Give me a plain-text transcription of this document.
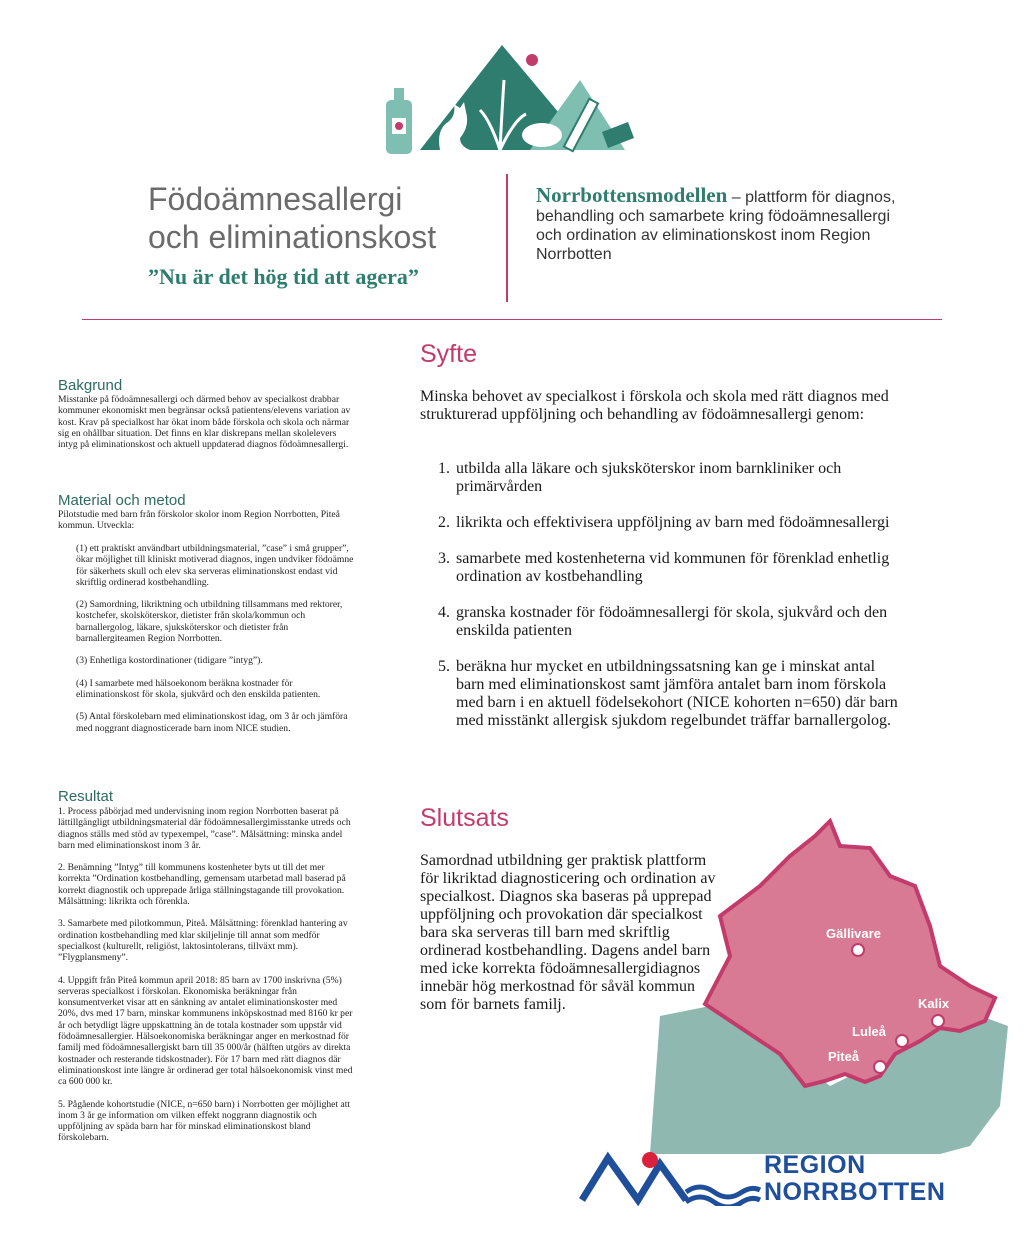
Födoämnesallergi
och eliminationskost
”Nu är det hög tid att agera”
Norrbottensmodellen – plattform för diagnos, behandling och samarbete kring födoämnesallergi och ordination av eliminationskost inom Region Norrbotten
Bakgrund

Misstanke på födoämnesallergi och därmed behov av specialkost drabbar kommuner ekonomiskt men begränsar också patientens/elevens variation av kost. Krav på specialkost har ökat inom både förskola och skola och närmar sig en ohållbar situation. Det finns en klar diskrepans mellan skolelevers intyg på eliminationskost och aktuell uppdaterad diagnos födoämnesallergi.

Material och metod

Pilotstudie med barn från förskolor skolor inom Region Norrbotten, Piteå kommun. Utveckla:

(1) ett praktiskt användbart utbildningsmaterial, ”case” i små grupper”, ökar möjlighet till kliniskt motiverad diagnos, ingen undviker födoämne för säkerhets skull och elev ska serveras eliminationskost endast vid skriftlig ordinerad kostbehandling.

(2) Samordning, likriktning och utbildning tillsammans med rektorer, kostchefer, skolsköterskor, dietister från skola/kommun och barnallergolog, läkare, sjuksköterskor och dietister från barnallergiteamen Region Norrbotten.

(3) Enhetliga kostordinationer (tidigare ”intyg”).

(4) I samarbete med hälsoekonom beräkna kostnader för eliminationskost för skola, sjukvård och den enskilda patienten.

(5) Antal förskolebarn med eliminationskost idag, om 3 år och jämföra med noggrant diagnosticerade barn inom NICE studien.

Resultat

1. Process påbörjad med undervisning inom region Norrbotten baserat på lättillgängligt utbildningsmaterial där födoämnesallergimisstanke utreds och diagnos ställs med stöd av typexempel, ”case”. Målsättning: minska andel barn med eliminationskost inom 3 år.

2. Benämning ”Intyg” till kommunens kostenheter byts ut till det mer korrekta ”Ordination kostbehandling, gemensam utarbetad mall baserad på korrekt diagnostik och upprepade årliga ställningstagande till provokation. Målsättning: likrikta och förenkla.

3. Samarbete med pilotkommun, Piteå. Målsättning: förenklad hantering av ordination kostbehandling med klar skiljelinje till annat som medför specialkost (kulturellt, religiöst, laktosintolerans, tillväxt mm). ”Flygplansmeny”.

4. Uppgift från Piteå kommun april 2018: 85 barn av 1700 inskrivna (5%) serveras specialkost i förskolan. Ekonomiska beräkningar från konsumentverket visar att en sänkning av antalet eliminationskoster med 20%, dvs med 17 barn, minskar kommunens inköpskostnad med 8160 kr per år och betydligt lägre uppskattning än de totala kostnader som uppstår vid födoämnesallergier. Hälsoekonomiska beräkningar anger en merkostnad för familj med födoämnesallergiskt barn till 35 000/år (hälften utgörs av direkta kostnader och resterande tidskostnader). För 17 barn med rätt diagnos där eliminationskost inte längre är ordinerad ger total hälsoekonomisk vinst med ca 600 000 kr.

5. Pågående kohortstudie (NICE, n=650 barn) i Norrbotten ger möjlighet att inom 3 år ge information om vilken effekt noggrann diagnostik och uppföljning av späda barn har för minskad eliminationskost bland förskolebarn.

Syfte

Minska behovet av specialkost i förskola och skola med rätt diagnos med strukturerad uppföljning och behandling av födoämnesallergi genom:

1. utbilda alla läkare och sjuksköterskor inom barnkliniker och primärvården
2. likrikta och effektivisera uppföljning av barn med födoämnesallergi
3. samarbete med kostenheterna vid kommunen för förenklad enhetlig ordination av kostbehandling
4. granska kostnader för födoämnesallergi för skola, sjukvård och den enskilda patienten
5. beräkna hur mycket en utbildningssatsning kan ge i minskat antal barn med eliminationskost samt jämföra antalet barn inom förskola med barn i en aktuell födelsekohort (NICE kohorten n=650) där barn med misstänkt allergisk sjukdom regelbundet träffar barnallergolog.
Slutsats

Samordnad utbildning ger praktisk plattform för likriktad diagnosticering och ordination av specialkost. Diagnos ska baseras på upprepad uppföljning och provokation där specialkost bara ska serveras till barn med skriftlig ordinerad kostbehandling. Dagens andel barn med icke korrekta födoämnesallergidiagnos innebär hög merkostnad för såväl kommun som för barnets familj.

Gällivare
Kalix
Luleå
Piteå
REGION
NORRBOTTEN
